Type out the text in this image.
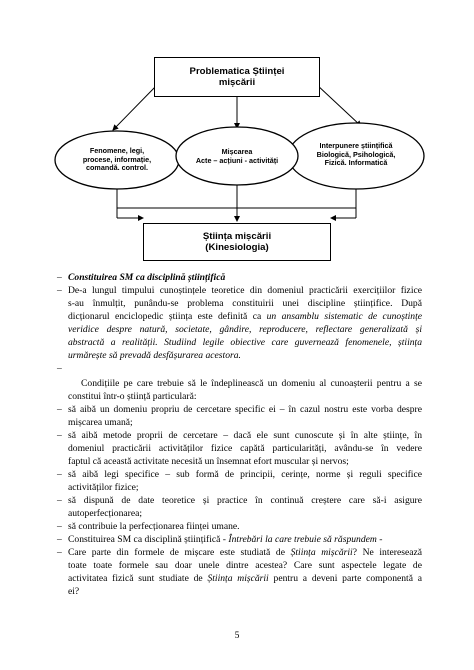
Problematica Științei
mișcării
Fenomene, legi,
procese, informație,
comandă. control.
Mișcarea
Acte – acțiuni - activități
Interpunere științifică
Biologică, Psihologică,
Fizică. Informatică
Știința mișcării
(Kinesiologia)
– Constituirea SM ca disciplină științifică
– De-a lungul timpului cunoștințele teoretice din domeniul practicării exercițiilor fizice
s-au înmulțit, punându-se problema constituirii unei discipline științifice. După
dicționarul enciclopedic știința este definită ca un ansamblu sistematic de cunoștințe
veridice despre natură, societate, gândire, reproducere, reflectare generalizată și
abstractă a realității. Studiind legile obiective care guvernează fenomenele, știința
urmărește să prevadă desfășurarea acestora.
–
Condițiile pe care trebuie să le îndeplinească un domeniu al cunoașterii pentru a se
constitui într-o știință particulară:
– să aibă un domeniu propriu de cercetare specific ei – în cazul nostru este vorba despre
mișcarea umană;
– să aibă metode proprii de cercetare – dacă ele sunt cunoscute și în alte științe, în
domeniul practicării activităților fizice capătă particularități, avându-se în vedere
faptul că această activitate necesită un însemnat efort muscular și nervos;
– să aibă legi specifice – sub formă de principii, cerințe, norme și reguli specifice
activităților fizice;
– să dispună de date teoretice și practice în continuă creștere care să-i asigure
autoperfecționarea;
– să contribuie la perfecționarea ființei umane.
– Constituirea SM ca disciplină științifică - Întrebări la care trebuie să răspundem -
– Care parte din formele de mișcare este studiată de Știința mișcării? Ne interesează
toate toate formele sau doar unele dintre acestea? Care sunt aspectele legate de
activitatea fizică sunt studiate de Știința mișcării pentru a deveni parte componentă a
ei?
5
